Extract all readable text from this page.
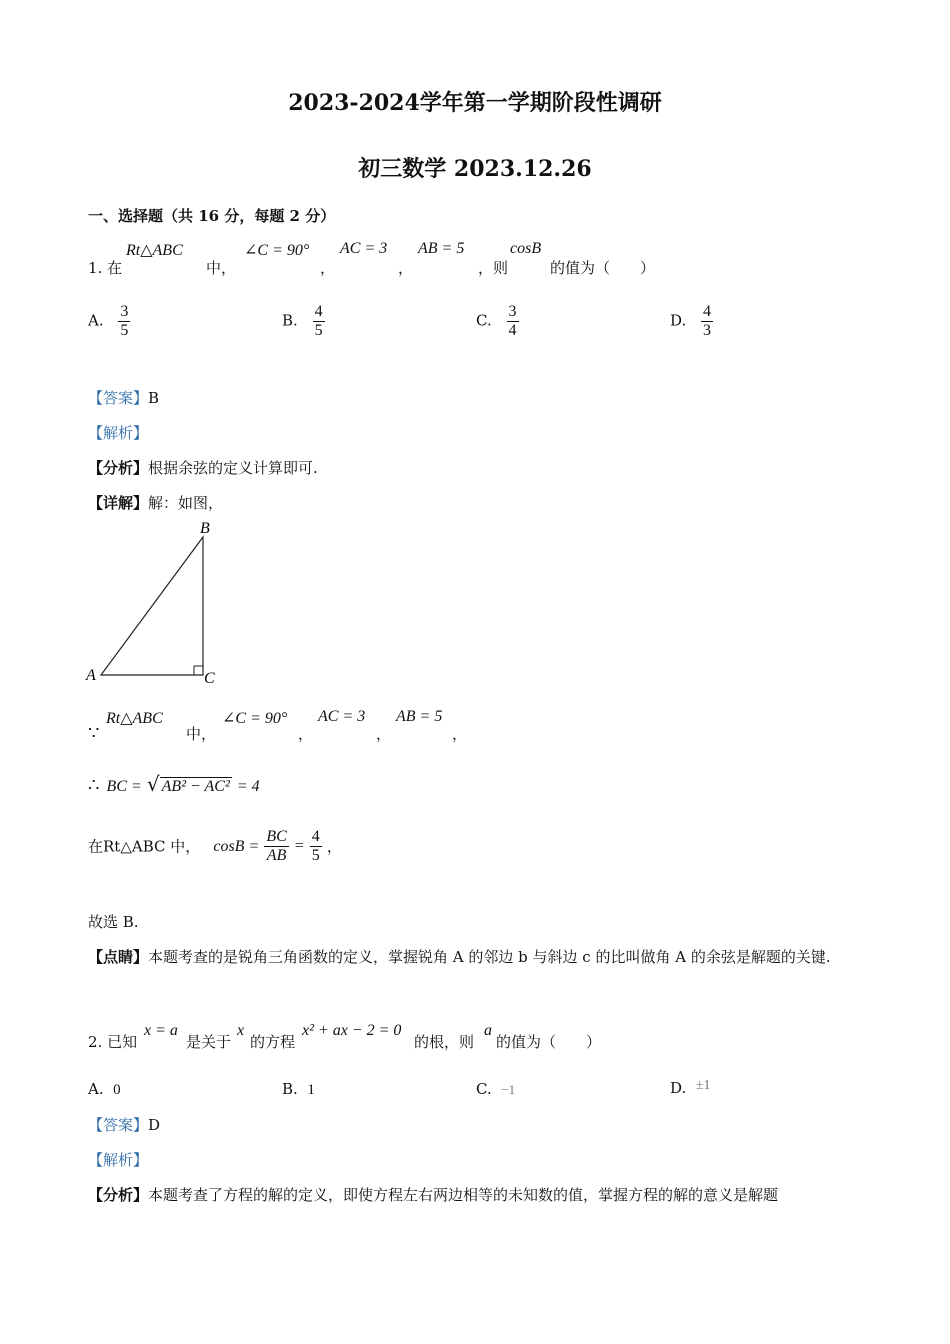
2023-2024学年第一学期阶段性调研
初三数学 2023.12.26
一、选择题（共 16 分，每题 2 分）
1. 在
Rt△ABC
中，
∠C = 90°
，
AC = 3
，
AB = 5
，则
cosB
的值为（　　）
A. $\frac{3}{5}$	B. $\frac{4}{5}$	C. $\frac{3}{4}$	D. $\frac{4}{3}$
【答案】B
【解析】
【分析】根据余弦的定义计算即可.
【详解】解：如图，
A
B
C
∵
Rt△ABC
中，
∠C = 90°
，
AC = 3
，
AB = 5
，
∴ BC = √ AB² − AC² = 4
在Rt△ABC 中， $\cos B = \frac{BC}{AB} = \frac{4}{5}$ ，
故选 B.
【点睛】本题考查的是锐角三角函数的定义，掌握锐角 A 的邻边 b 与斜边 c 的比叫做角 A 的余弦是解题的关键.
2. 已知
x = a
是关于
x
的方程
x² + ax − 2 = 0
的根，则
a
的值为（　　）
A. 0	B. 1	C. −1	D. ±1
【答案】D
【解析】
【分析】本题考查了方程的解的定义，即使方程左右两边相等的未知数的值，掌握方程的解的意义是解题
